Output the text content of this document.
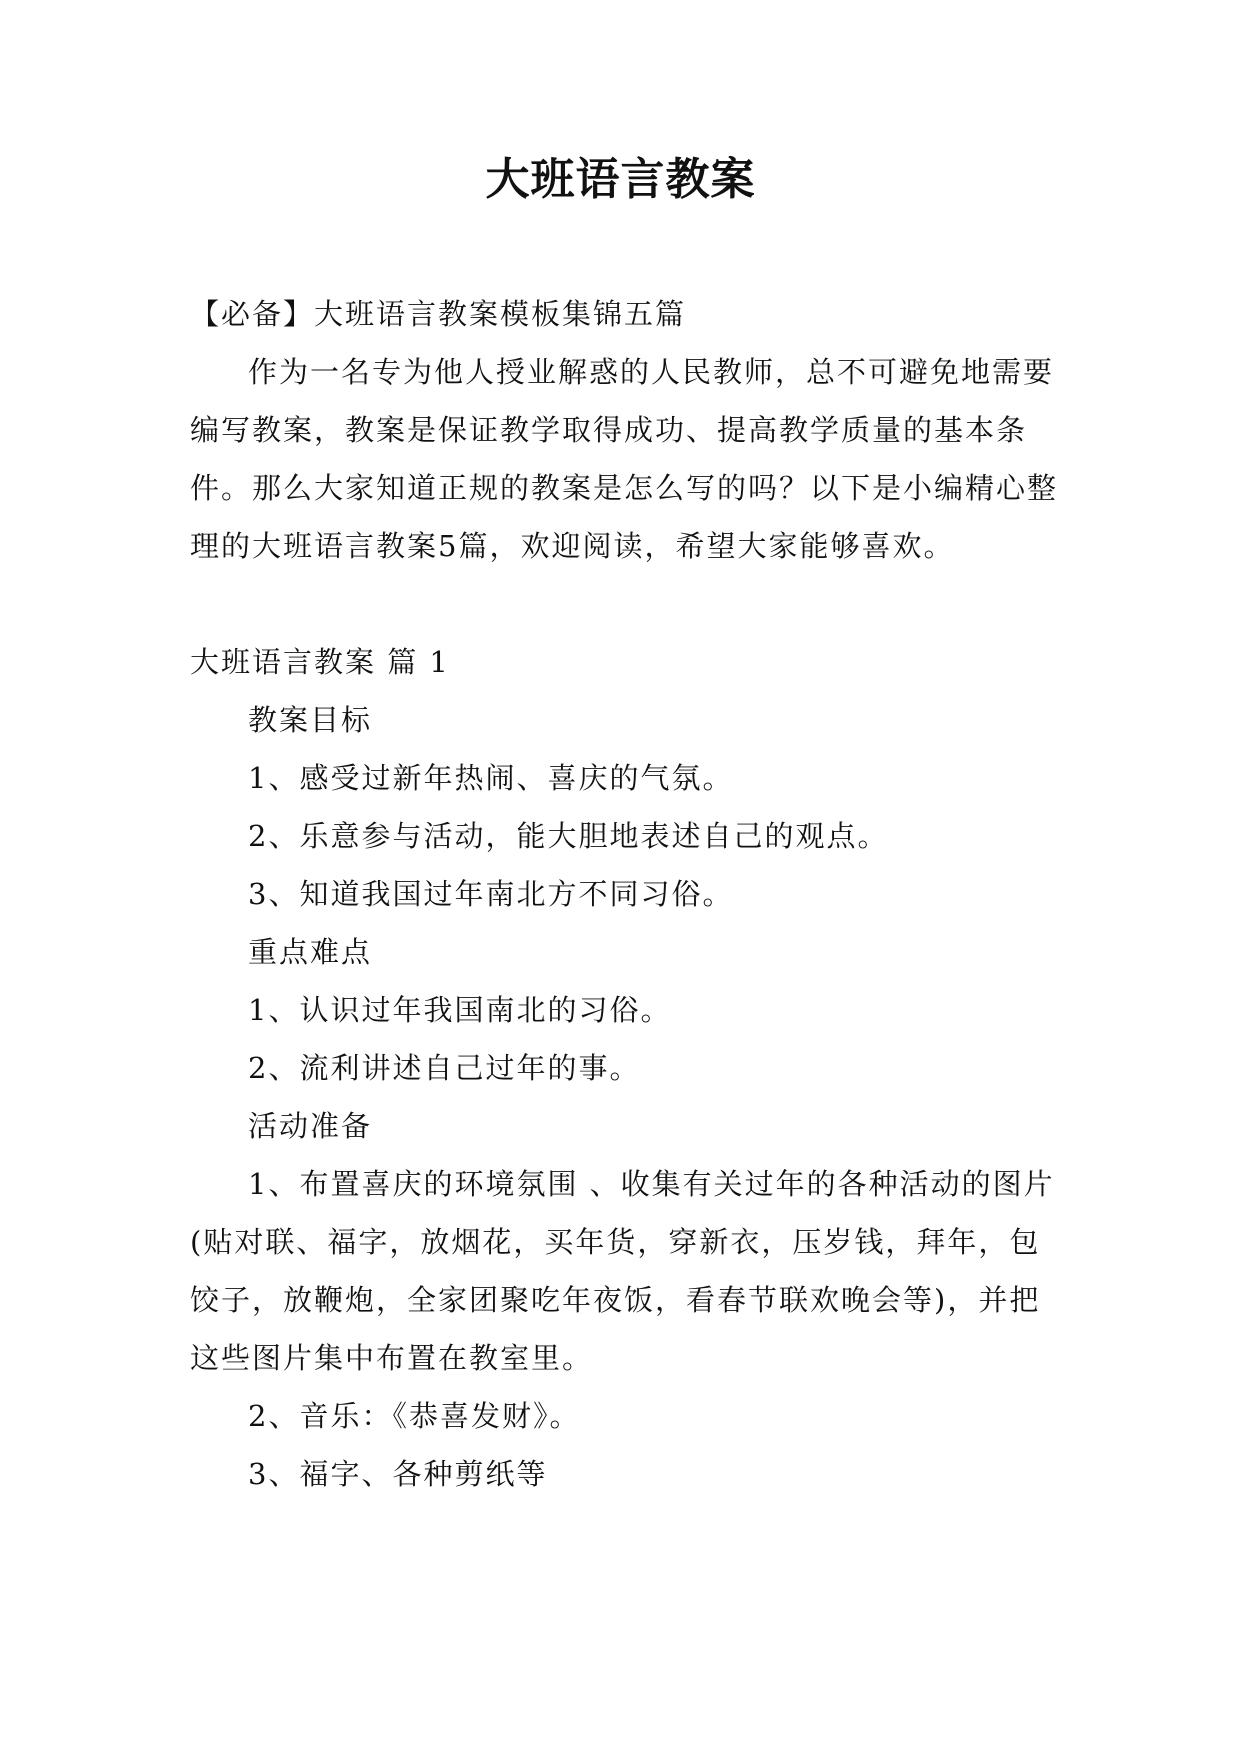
大班语言教案

【必备】大班语言教案模板集锦五篇

作为一名专为他人授业解惑的人民教师，总不可避免地需要编写教案，教案是保证教学取得成功、提高教学质量的基本条件。那么大家知道正规的教案是怎么写的吗？以下是小编精心整理的大班语言教案5篇，欢迎阅读，希望大家能够喜欢。

大班语言教案 篇 1

教案目标

1、感受过新年热闹、喜庆的气氛。

2、乐意参与活动，能大胆地表述自己的观点。

3、知道我国过年南北方不同习俗。

重点难点

1、认识过年我国南北的习俗。

2、流利讲述自己过年的事。

活动准备

1、布置喜庆的环境氛围 、收集有关过年的各种活动的图片(贴对联、福字，放烟花，买年货，穿新衣，压岁钱，拜年，包饺子，放鞭炮，全家团聚吃年夜饭，看春节联欢晚会等)，并把这些图片集中布置在教室里。

2、音乐：《恭喜发财》。

3、福字、各种剪纸等
